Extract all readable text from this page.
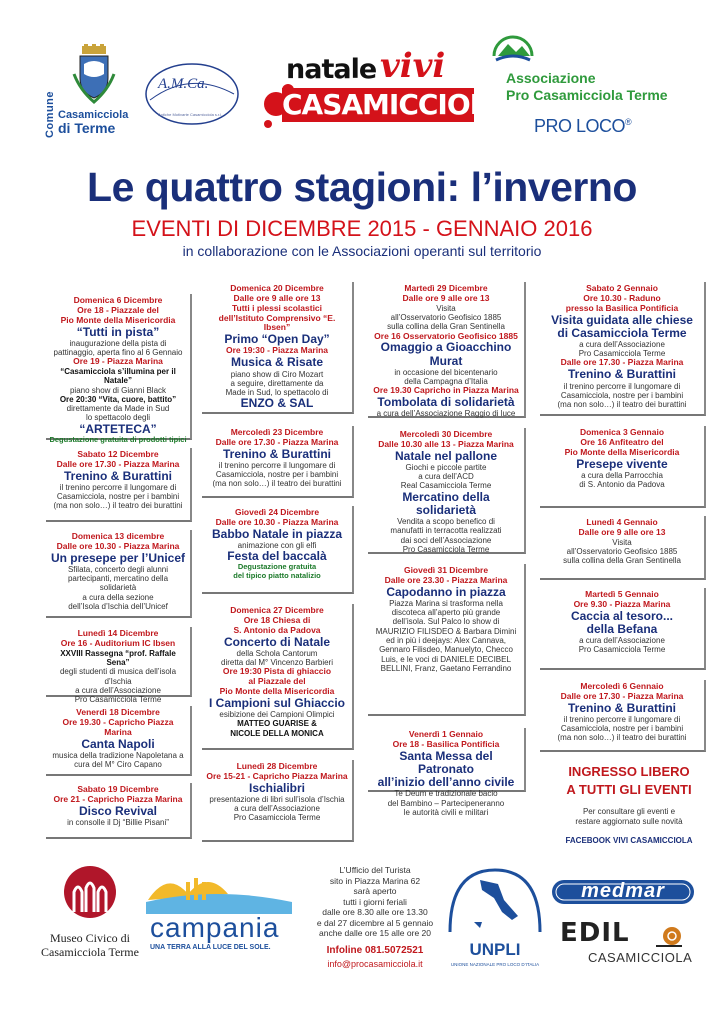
Comune Casamicciola
di Terme
A.M.Ca.
Antiche Motivarte Casamicciola s.r.l.
natale vivi
CASAMICCIOLA
Associazione
Pro Casamicciola Terme
PRO LOCO®
Le quattro stagioni: l’inverno
EVENTI DI DICEMBRE 2015 - GENNAIO 2016
in collaborazione con le Associazioni operanti sul territorio
Domenica 6 Dicembre
Ore 18 - Piazzale del
Pio Monte della Misericordia
“Tutti in pista”
inaugurazione della pista di
pattinaggio, aperta fino al 6 Gennaio
Ore 19 - Piazza Marina
“Casamicciola s’illumina per il Natale”
piano show di Gianni Black
Ore 20:30 “Vita, cuore, battito”
direttamente da Made in Sud
lo spettacolo degli
“ARTETECA”
Degustazione gratuita di prodotti tipici
Sabato 12 Dicembre
Dalle ore 17.30 - Piazza Marina
Trenino & Burattini
il trenino percorre il lungomare di
Casamicciola, nostre per i bambini
(ma non solo…) il teatro dei burattini
Domenica 13 dicembre
Dalle ore 10.30 - Piazza Marina
Un presepe per l’Unicef
Sfilata, concerto degli alunni
partecipanti, mercatino della solidarietà
a cura della sezione
dell’Isola d’Ischia dell’Unicef
Lunedì 14 Dicembre
Ore 16 - Auditorium IC Ibsen
XXVIII Rassegna “prof. Raffale Sena”
degli studenti di musica dell’isola d’Ischia
a cura dell’Associazione
Pro Casamicciola Terme
Venerdì 18 Dicembre
Ore 19.30 - Capricho Piazza Marina
Canta Napoli
musica della tradizione Napoletana a
cura del M° Ciro Capano
Sabato 19 Dicembre
Ore 21 - Capricho Piazza Marina
Disco Revival
in consolle il Dj “Billie Pisani”
Domenica 20 Dicembre
Dalle ore 9 alle ore 13
Tutti i plessi scolastici
dell’Istituto Comprensivo “E. Ibsen”
Primo “Open Day”
Ore 19:30 - Piazza Marina
Musica & Risate
piano show di Ciro Mozart
a seguire, direttamente da
Made in Sud, lo spettacolo di
ENZO & SAL
Mercoledì 23 Dicembre
Dalle ore 17.30 - Piazza Marina
Trenino & Burattini
il trenino percorre il lungomare di
Casamicciola, nostre per i bambini
(ma non solo…) il teatro dei burattini
Giovedì 24 Dicembre
Dalle ore 10.30 - Piazza Marina
Babbo Natale in piazza
animazione con gli elfi
Festa del baccalà
Degustazione gratuita
del tipico piatto natalizio
Domenica 27 Dicembre
Ore 18 Chiesa di
S. Antonio da Padova
Concerto di Natale
della Schola Cantorum
diretta dal M° Vincenzo Barbieri
Ore 19:30 Pista di ghiaccio
al Piazzale del
Pio Monte della Misericordia
I Campioni sul Ghiaccio
esibizione dei Campioni Olimpici
MATTEO GUARISE &
NICOLE DELLA MONICA
Lunedì 28 Dicembre
Ore 15-21 - Capricho Piazza Marina
Ischialibri
presentazione di libri sull’isola d’Ischia
a cura dell’Associazione
Pro Casamicciola Terme
Martedì 29 Dicembre
Dalle ore 9 alle ore 13
Visita
all’Osservatorio Geofisico 1885
sulla collina della Gran Sentinella
Ore 16 Osservatorio Geofisico 1885
Omaggio a Gioacchino Murat
in occasione del bicentenario
della Campagna d’Italia
Ore 19.30 Capricho in Piazza Marina
Tombolata di solidarietà
a cura dell’Associazione Raggio di luce
Mercoledì 30 Dicembre
Dalle 10.30 alle 13 - Piazza Marina
Natale nel pallone
Giochi e piccole partite
a cura dell’ACD
Real Casamicciola Terme
Mercatino della solidarietà
Vendita a scopo benefico di
manufatti in terracotta realizzati
dai soci dell’Associazione
Pro Casamicciola Terme
Giovedì 31 Dicembre
Dalle ore 23.30 - Piazza Marina
Capodanno in piazza
Piazza Marina si trasforma nella
discoteca all’aperto più grande
dell’isola. Sul Palco lo show di
MAURIZIO FILISDEO & Barbara Dimini
ed in più i deejays: Alex Cannava,
Gennaro Filisdeo, Manuelyto, Checco
Luis, e le voci di DANIELE DECIBEL
BELLINI, Franz, Gaetano Ferrandino
Venerdì 1 Gennaio
Ore 18 - Basilica Pontificia
Santa Messa del Patronato
all’inizio dell’anno civile
Te Deum e tradizionale bacio
del Bambino – Partecipeneranno
le autorità civili e militari
Sabato 2 Gennaio
Ore 10.30 - Raduno
presso la Basilica Pontificia
Visita guidata alle chiese
di Casamicciola Terme
a cura dell’Associazione
Pro Casamicciola Terme
Dalle ore 17.30 - Piazza Marina
Trenino & Burattini
il trenino percorre il lungomare di
Casamicciola, nostre per i bambini
(ma non solo…) il teatro dei burattini
Domenica 3 Gennaio
Ore 16 Anfiteatro del
Pio Monte della Misericordia
Presepe vivente
a cura della Parrocchia
di S. Antonio da Padova
Lunedì 4 Gennaio
Dalle ore 9 alle ore 13
Visita
all’Osservatorio Geofisico 1885
sulla collina della Gran Sentinella
Martedì 5 Gennaio
Ore 9.30 - Piazza Marina
Caccia al tesoro...
della Befana
a cura dell’Associazione
Pro Casamicciola Terme
Mercoledì 6 Gennaio
Dalle ore 17.30 - Piazza Marina
Trenino & Burattini
il trenino percorre il lungomare di
Casamicciola, nostre per i bambini
(ma non solo…) il teatro dei burattini
INGRESSO LIBERO
A TUTTI GLI EVENTI
Per consultare gli eventi e
restare aggiornato sulle novità
FACEBOOK VIVI CASAMICCIOLA
Museo Civico di
Casamicciola Terme
campania
UNA TERRA ALLA LUCE DEL SOLE.
L’Ufficio del Turista
sito in Piazza Marina 62
sarà aperto
tutti i giorni feriali
dalle ore 8.30 alle ore 13.30
e dal 27 dicembre al 5 gennaio
anche dalle ore 15 alle ore 20
Infoline 081.5072521
info@procasamicciola.it
UNPLI
UNIONE NAZIONALE PRO LOCO D’ITALIA
medmar
EDIL
CASAMICCIOLA
